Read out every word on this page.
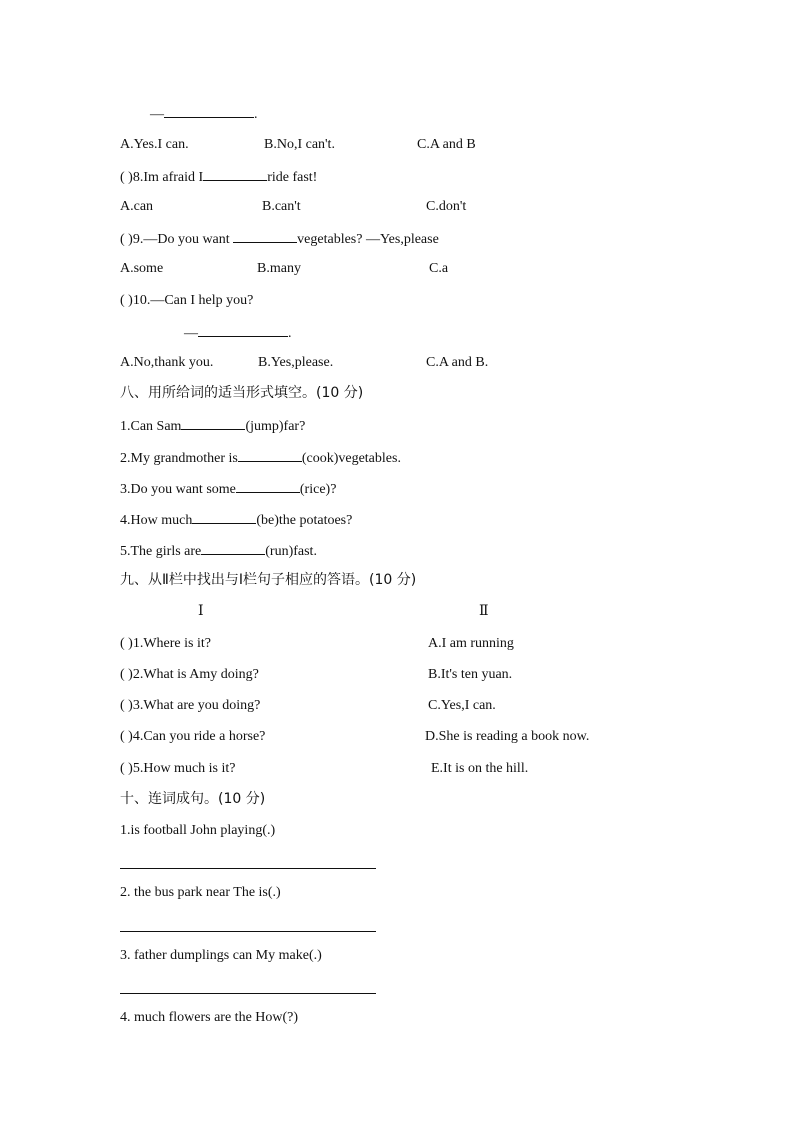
—	.
A.Yes.I can.	B.No,I can't.	C.A and B
( )8.Im afraid I	ride fast!
A.can	B.can't	C.don't
( )9.—Do you want	vegetables? —Yes,please
A.some	B.many	C.a
( )10.—Can I help you?
—	.
A.No,thank you.	B.Yes,please.	C.A and B.
八、用所给词的适当形式填空。(10 分)
1.Can Sam	(jump)far?
2.My grandmother is	(cook)vegetables.
3.Do you want some	(rice)?
4.How much	(be)the potatoes?
5.The girls are	(run)fast.
九、从Ⅱ栏中找出与Ⅰ栏句子相应的答语。(10 分)
Ⅰ	Ⅱ
( )1.Where is it?	A.I am running
( )2.What is Amy doing?	B.It's ten yuan.
( )3.What are you doing?	C.Yes,I can.
( )4.Can you ride a horse?	D.She is reading a book now.
( )5.How much is it?	E.It is on the hill.
十、连词成句。(10 分)
1.is football John playing(.)
2. the bus park near The is(.)
3. father dumplings can My make(.)
4. much flowers are the How(?)
